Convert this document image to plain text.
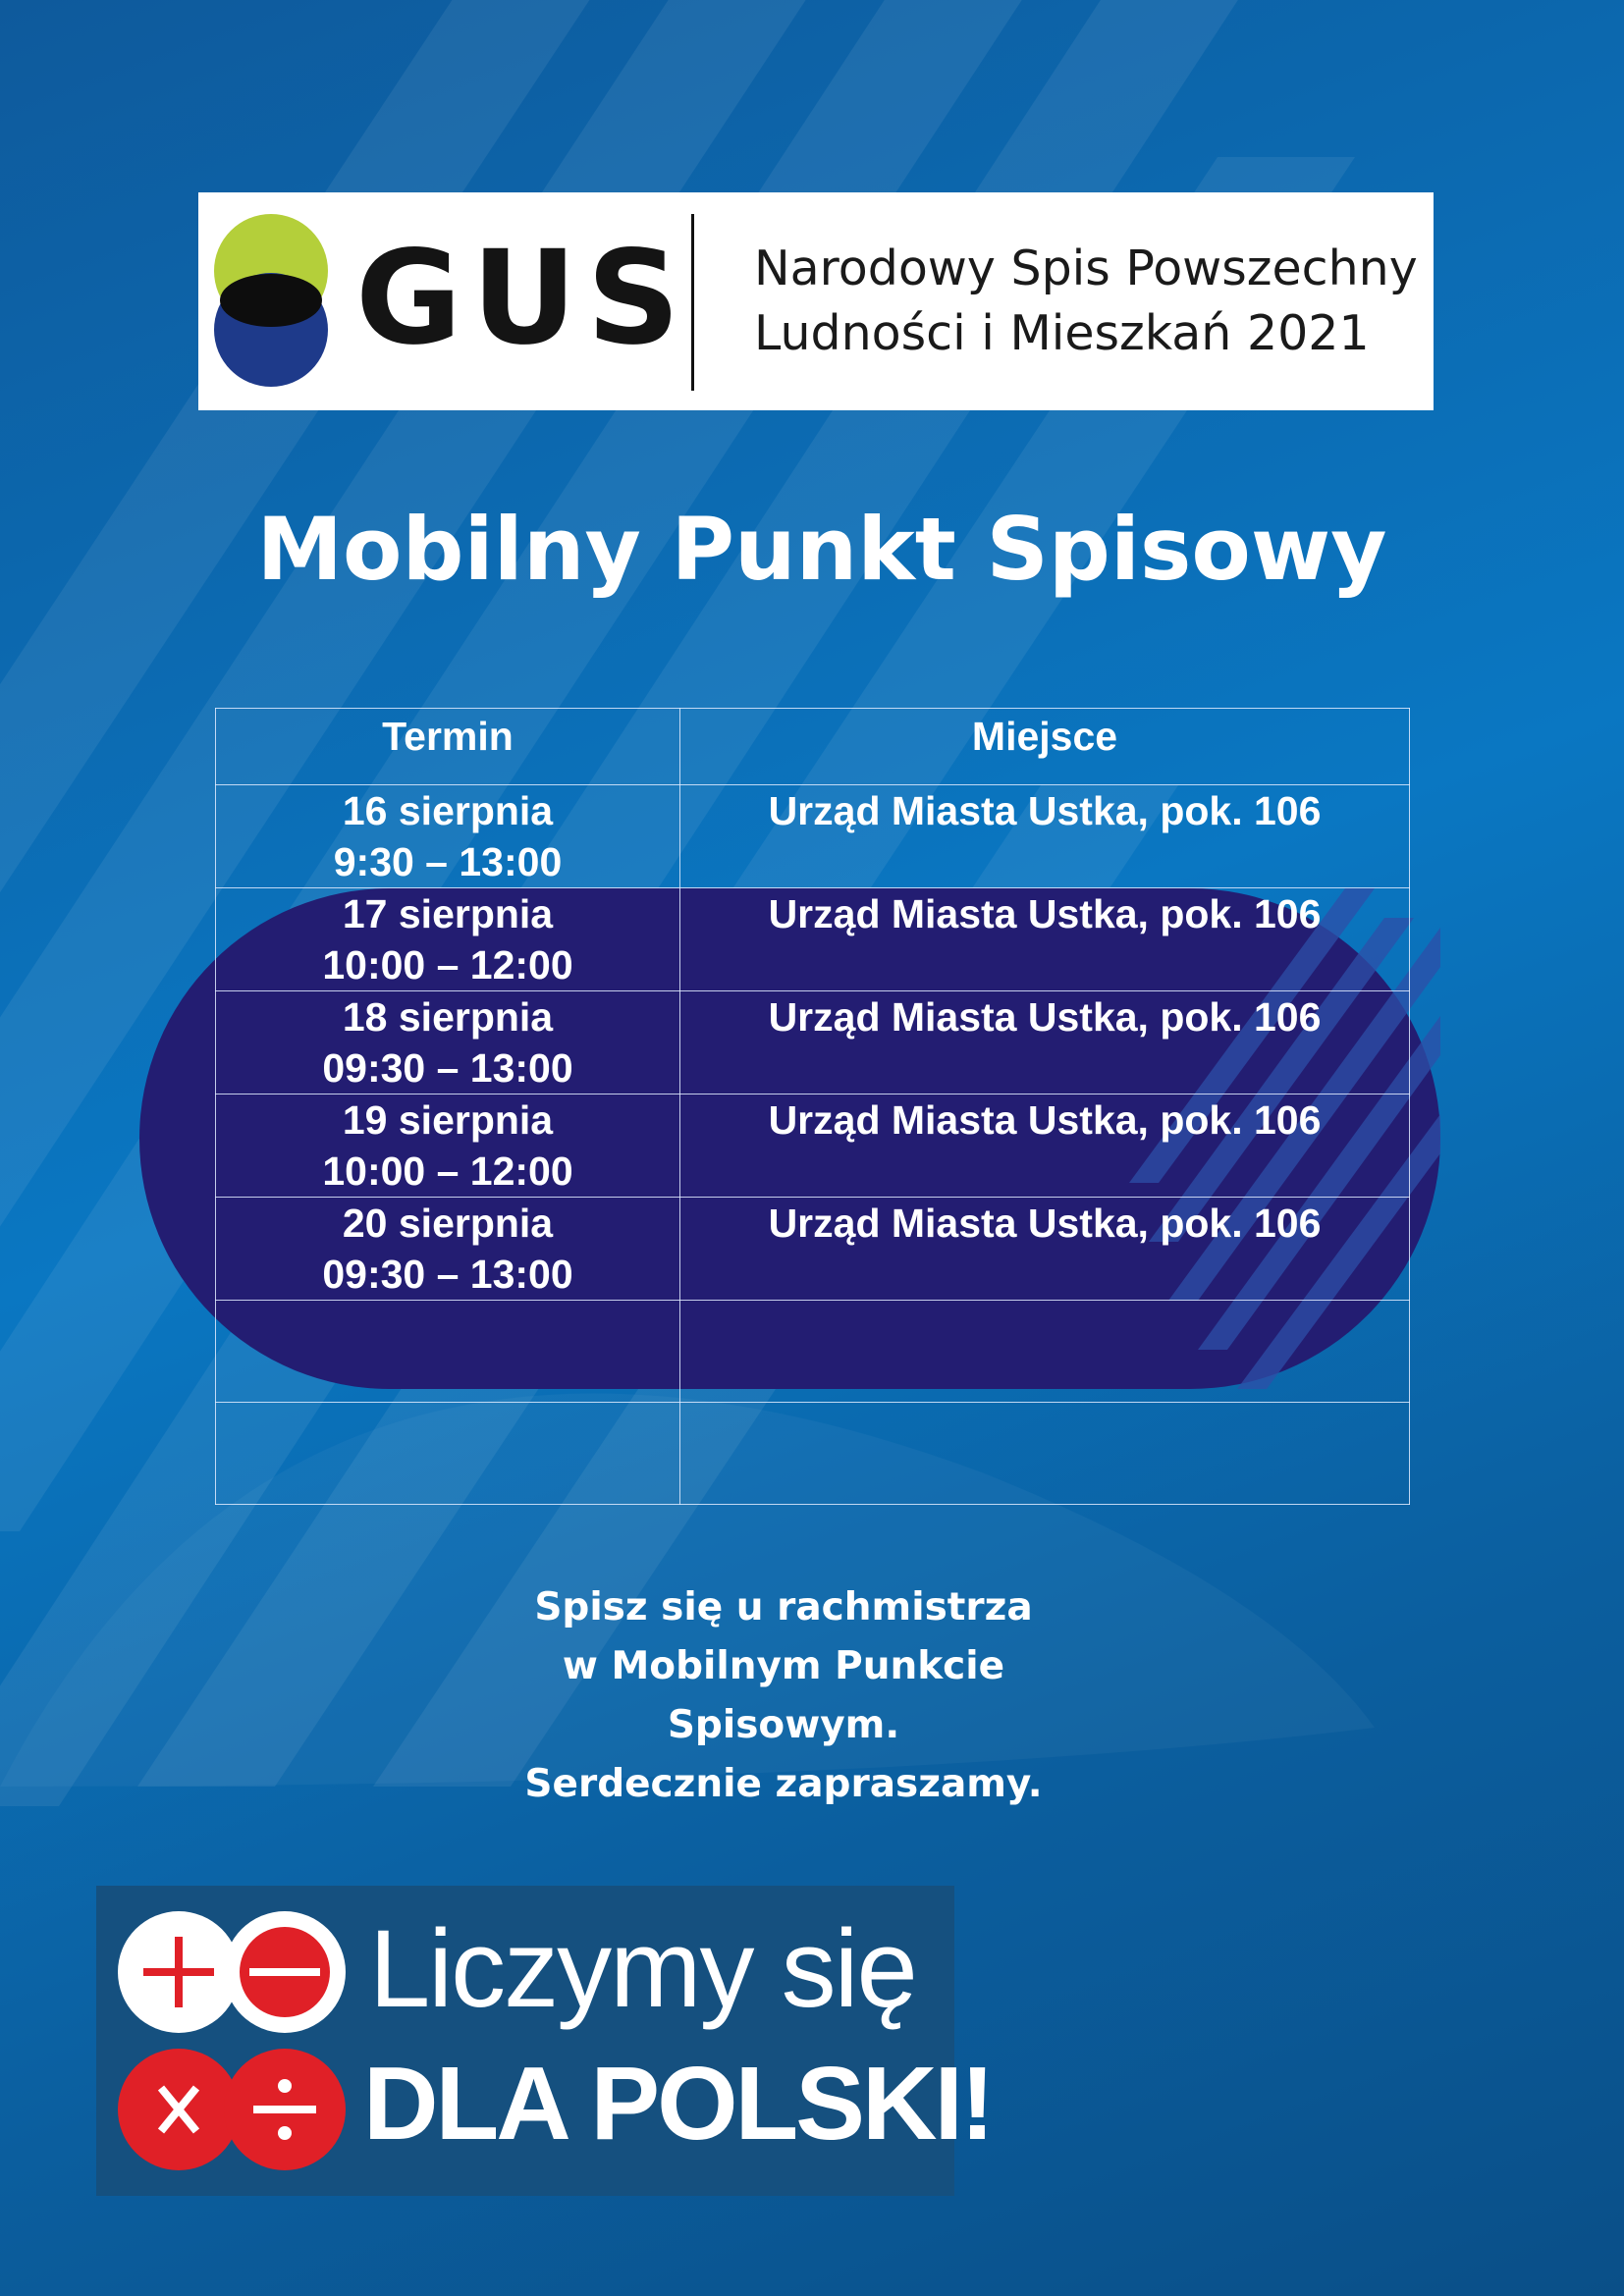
GUS Narodowy Spis Powszechny
Ludności i Mieszkań 2021
Mobilny Punkt Spisowy
Termin	Miejsce

16 sierpnia
9:30 – 13:00	Urząd Miasta Ustka, pok. 106

17 sierpnia
10:00 – 12:00	Urząd Miasta Ustka, pok. 106

18 sierpnia
09:30 – 13:00	Urząd Miasta Ustka, pok. 106

19 sierpnia
10:00 – 12:00	Urząd Miasta Ustka, pok. 106

20 sierpnia
09:30 – 13:00	Urząd Miasta Ustka, pok. 106

Spisz się u rachmistrza
w Mobilnym Punkcie
Spisowym.
Serdecznie zapraszamy.
Liczymy się
DLA POLSKI!
